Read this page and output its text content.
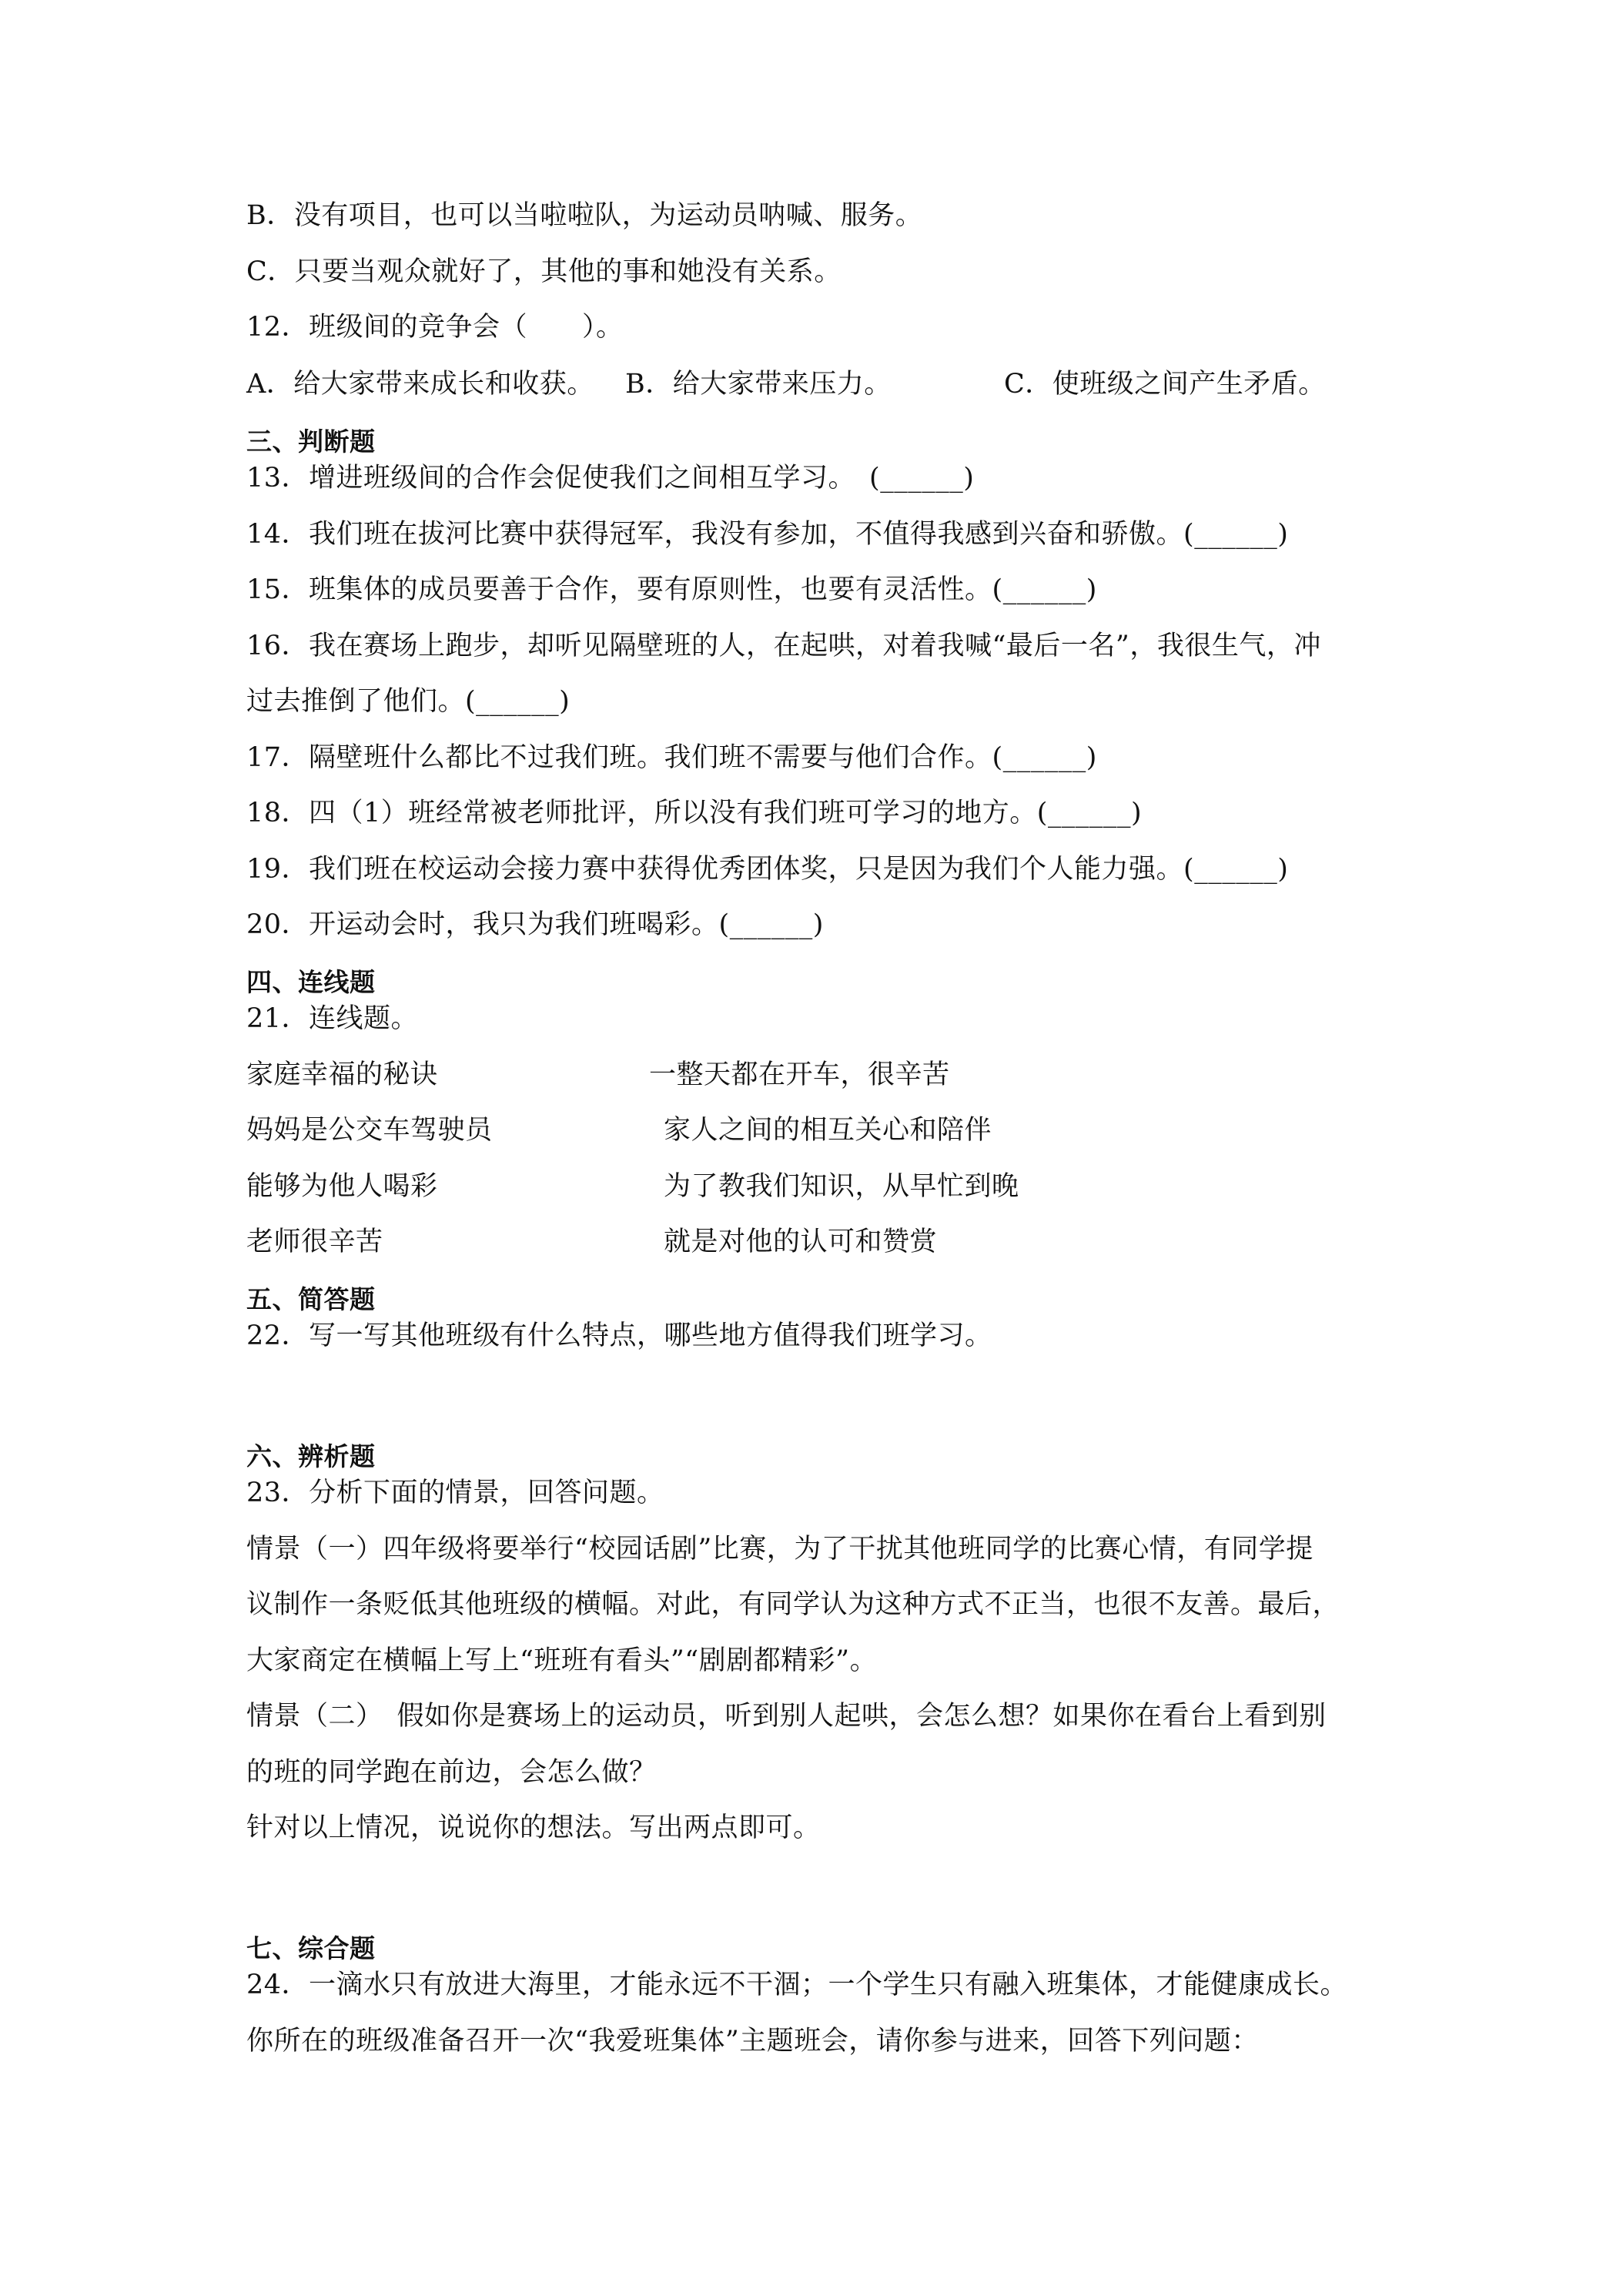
B．没有项目，也可以当啦啦队，为运动员呐喊、服务。
C．只要当观众就好了，其他的事和她没有关系。
12．班级间的竞争会（　　）。
A．给大家带来成长和收获。 B．给大家带来压力。	C．使班级之间产生矛盾。
三、判断题
13．增进班级间的合作会促使我们之间相互学习。　(______)
14．我们班在拔河比赛中获得冠军，我没有参加，不值得我感到兴奋和骄傲。(______)
15．班集体的成员要善于合作，要有原则性，也要有灵活性。(______)
16．我在赛场上跑步，却听见隔壁班的人，在起哄，对着我喊“最后一名”，我很生气，冲
过去推倒了他们。(______)
17．隔壁班什么都比不过我们班。我们班不需要与他们合作。(______)
18．四（1）班经常被老师批评，所以没有我们班可学习的地方。(______)
19．我们班在校运动会接力赛中获得优秀团体奖，只是因为我们个人能力强。(______)
20．开运动会时，我只为我们班喝彩。(______)
四、连线题
21．连线题。
家庭幸福的秘诀	一整天都在开车，很辛苦
妈妈是公交车驾驶员	家人之间的相互关心和陪伴
能够为他人喝彩	为了教我们知识，从早忙到晚
老师很辛苦	就是对他的认可和赞赏
五、简答题
22．写一写其他班级有什么特点，哪些地方值得我们班学习。
六、辨析题
23．分析下面的情景，回答问题。
情景（一）四年级将要举行“校园话剧”比赛，为了干扰其他班同学的比赛心情，有同学提
议制作一条贬低其他班级的横幅。对此，有同学认为这种方式不正当，也很不友善。最后，
大家商定在横幅上写上“班班有看头”“剧剧都精彩”。
情景（二）　假如你是赛场上的运动员，听到别人起哄，会怎么想？如果你在看台上看到别
的班的同学跑在前边，会怎么做？
针对以上情况，说说你的想法。写出两点即可。
七、综合题
24．一滴水只有放进大海里，才能永远不干涸；一个学生只有融入班集体，才能健康成长。
你所在的班级准备召开一次“我爱班集体”主题班会，请你参与进来，回答下列问题：
